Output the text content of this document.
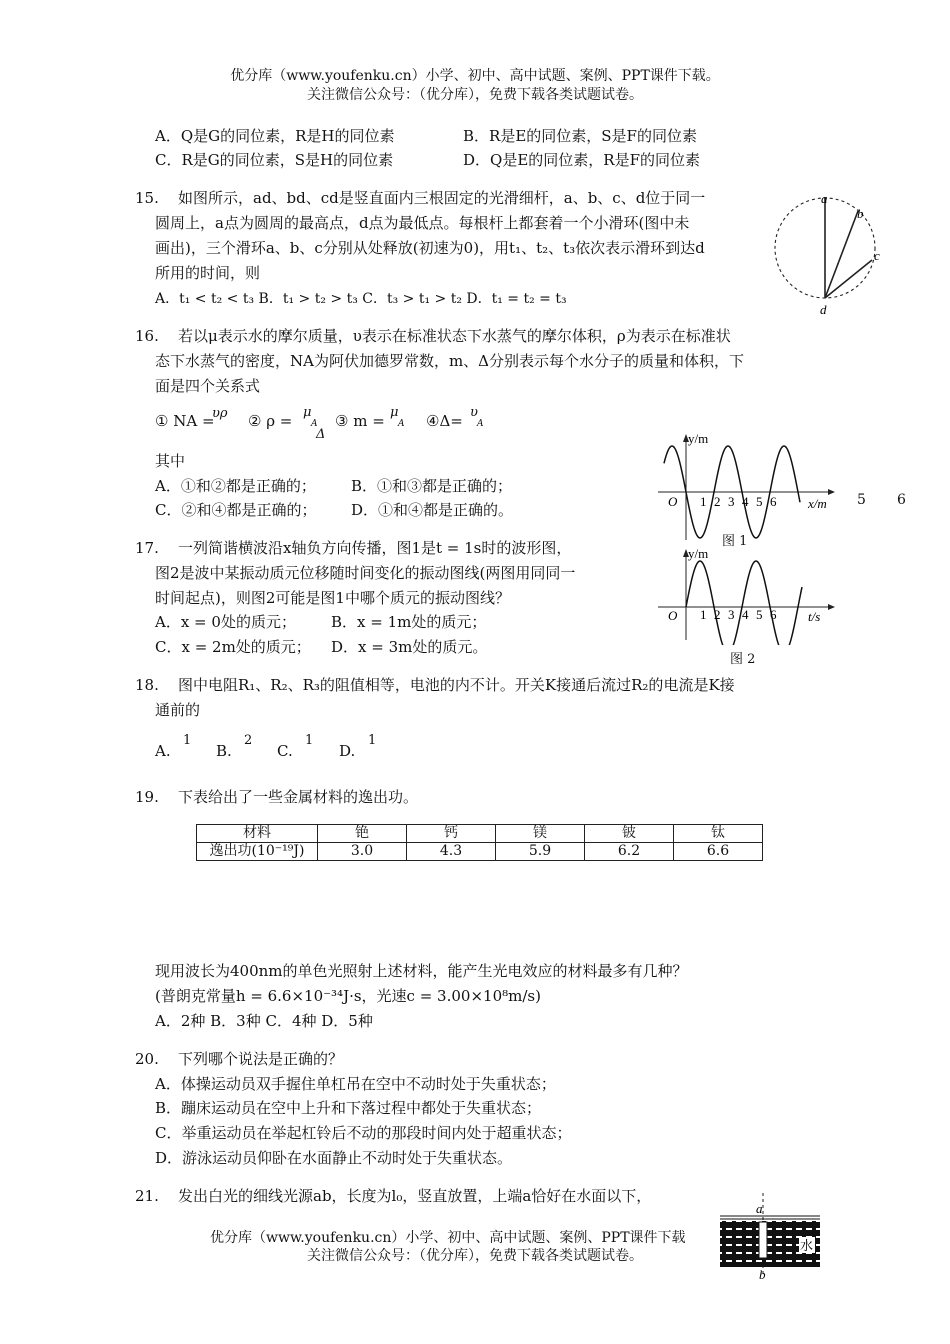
优分库（www.youfenku.cn）小学、初中、高中试题、案例、PPT课件下载。
关注微信公众号：（优分库），免费下载各类试题试卷。
A．Q是G的同位素，R是H的同位素	B．R是E的同位素，S是F的同位素
C．R是G的同位素，S是H的同位素	D．Q是E的同位素，R是F的同位素
15. 如图所示，ad、bd、cd是竖直面内三根固定的光滑细杆，a、b、c、d位于同一
圆周上，a点为圆周的最高点，d点为最低点。每根杆上都套着一个小滑环(图中未
画出)，三个滑环a、b、c分别从处释放(初速为0)，用t₁、t₂、t₃依次表示滑环到达d
所用的时间，则
A．t₁ < t₂ < t₃ B．t₁ > t₂ > t₃ C．t₃ > t₁ > t₂ D．t₁ = t₂ = t₃
a
b
c
d
16. 若以μ表示水的摩尔质量，υ表示在标准状态下水蒸气的摩尔体积，ρ为表示在标准状
态下水蒸气的密度，NA为阿伏加德罗常数，m、Δ分别表示每个水分子的质量和体积，下
面是四个关系式
① NA =
υρ ② ρ = μ
A
Δ
③ m = μ
A ④Δ= υ
A
其中
A．①和②都是正确的； B．①和③都是正确的；
C．②和④都是正确的； D．①和④都是正确的。
y/m
O 1 2 3 4 5 6 x/m 5 6
图 1
y/m
O 1 2 3 4 5 6 t/s
图 2
17. 一列简谐横波沿x轴负方向传播，图1是t = 1s时的波形图，
图2是波中某振动质元位移随时间变化的振动图线(两图用同同一
时间起点)，则图2可能是图1中哪个质元的振动图线？
A．x = 0处的质元； B．x = 1m处的质元；
C．x = 2m处的质元； D．x = 3m处的质元。
18. 图中电阻R₁、R₂、R₃的阻值相等，电池的内不计。开关K接通后流过R₂的电流是K接
通前的
A.
1
B.
2
C.
1
D.
1
19. 下表给出了一些金属材料的逸出功。
材料	铯	钙	镁	铍	钛
逸出功(10⁻¹⁹J)	3.0	4.3	5.9	6.2	6.6
现用波长为400nm的单色光照射上述材料，能产生光电效应的材料最多有几种？
(普朗克常量h = 6.6×10⁻³⁴J·s，光速c = 3.00×10⁸m/s)
A．2种 B．3种 C．4种 D．5种
20. 下列哪个说法是正确的？
A．体操运动员双手握住单杠吊在空中不动时处于失重状态；
B．蹦床运动员在空中上升和下落过程中都处于失重状态；
C．举重运动员在举起杠铃后不动的那段时间内处于超重状态；
D．游泳运动员仰卧在水面静止不动时处于失重状态。
21. 发出白光的细线光源ab，长度为l₀，竖直放置，上端a恰好在水面以下，
a
b
水
优分库（www.youfenku.cn）小学、初中、高中试题、案例、PPT课件下载
关注微信公众号：（优分库），免费下载各类试题试卷。
